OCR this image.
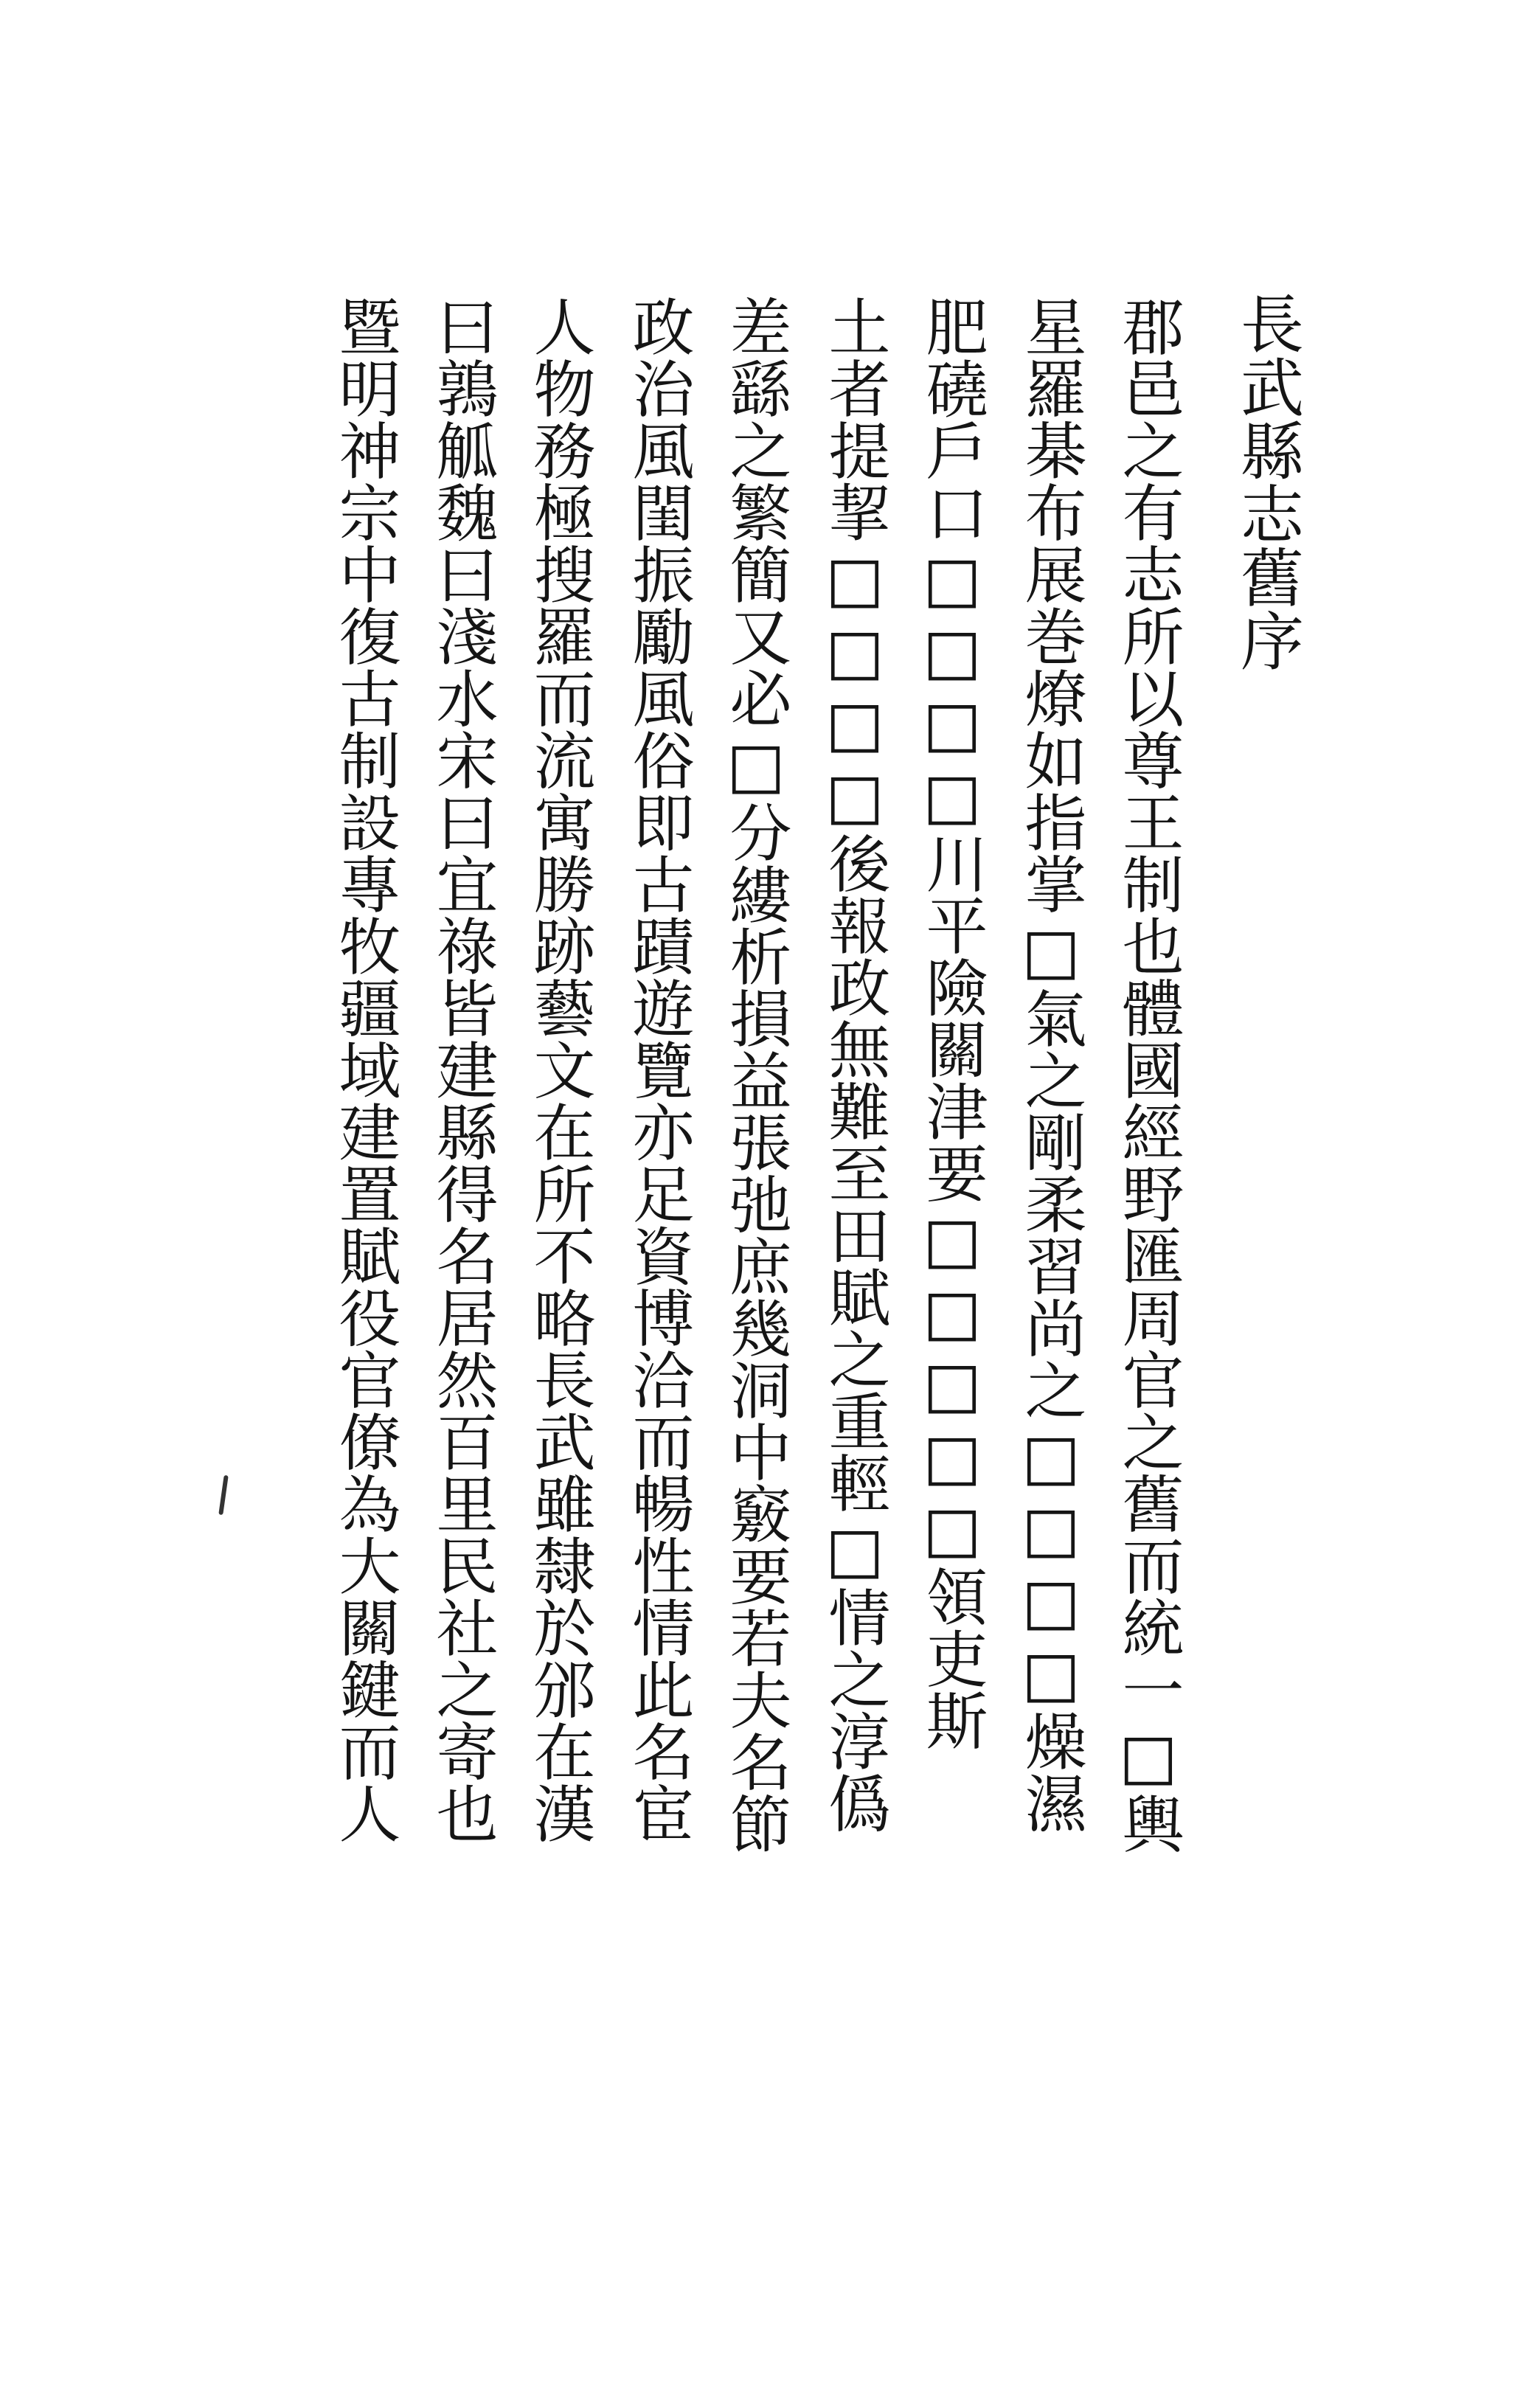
長武縣志舊序
郡邑之有志所以尊王制也體國經野匯周官之舊而統一□輿
星羅棊布展巻燎如指掌□氣之剛柔習尚之□□□□燥濕
肥磽戶口□□□□川平險關津要□□□□□領吏斯
土者提挈□□□□後報政無難至田賦之重輕□情之淳僞
差繇之繁簡又必□分縷析損益張弛庶幾洞中竅要若夫名節
政治風閨振勵風俗即古蹟遊覽亦足資博洽而暢性情此名宦
人物務極搜羅而流寓勝跡藝文在所不略長武雖隸於邠在漢
曰鶉觚魏曰淺水宋曰宜祿皆建縣得名居然百里民社之寄也
暨明神宗中復古制設專牧疆域建置賦役官僚為大關鍵而人
